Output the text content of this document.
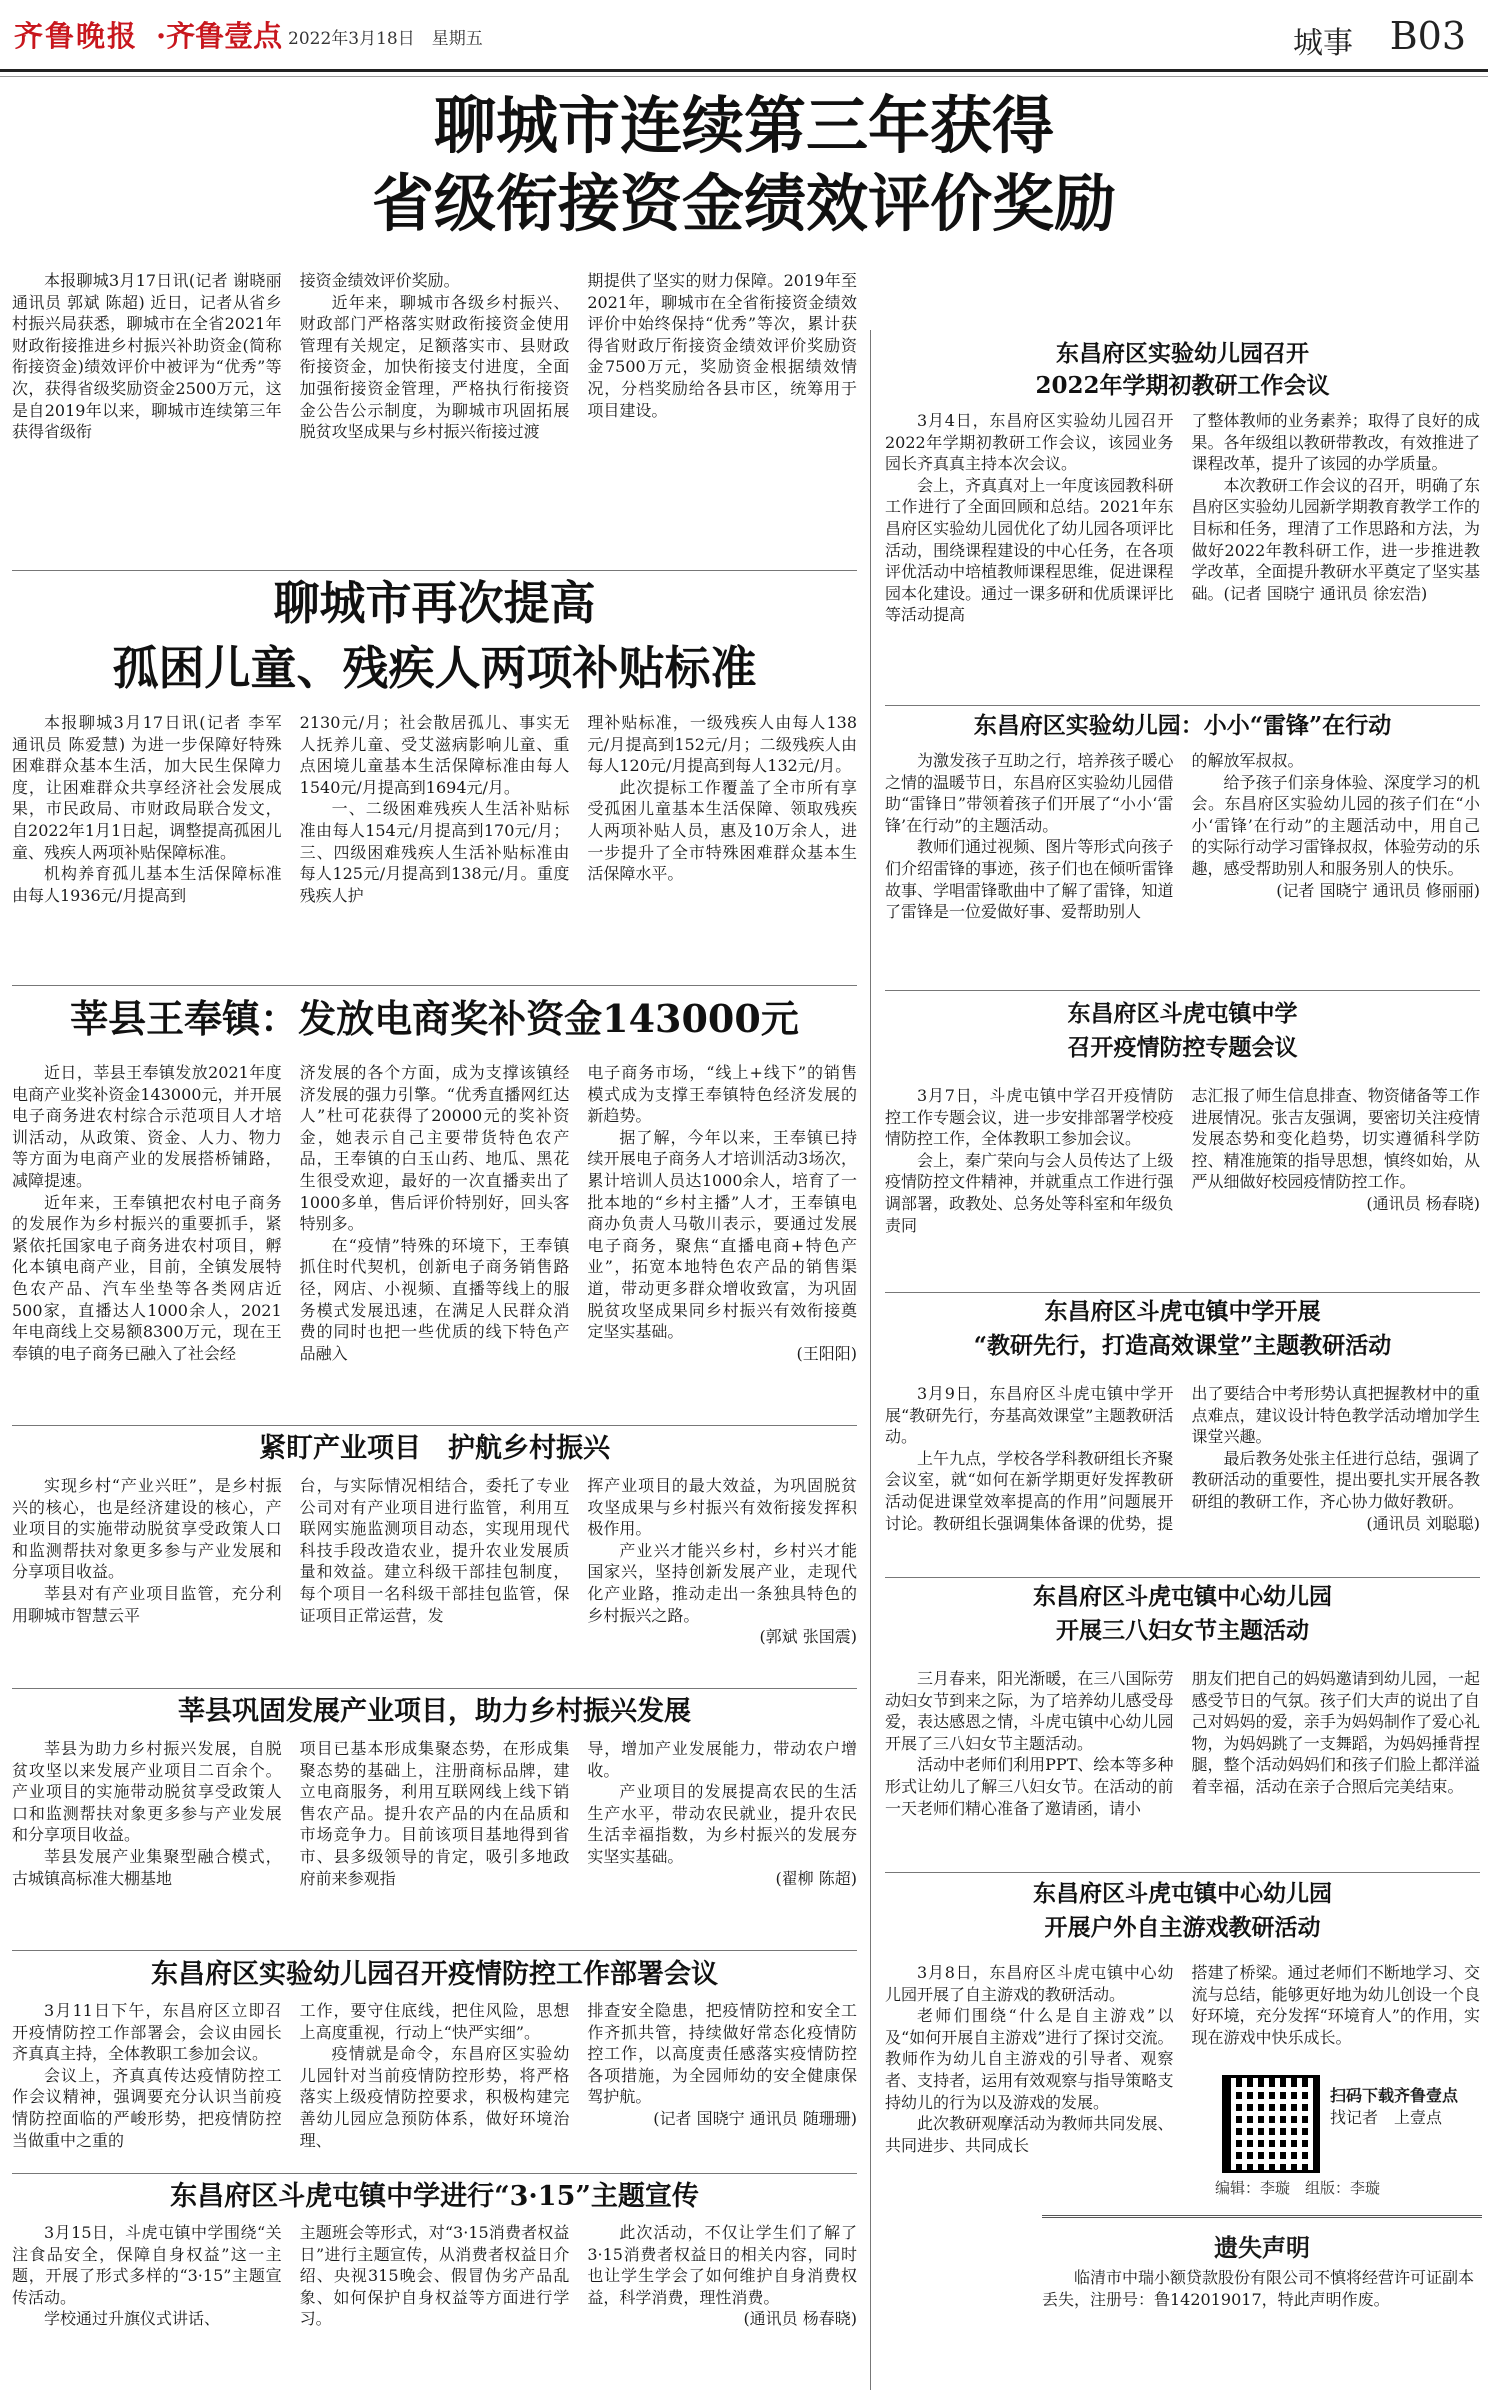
齐鲁晚报 ·齐鲁壹点 2022年3月18日　星期五	城事 B03
聊城市连续第三年获得
省级衔接资金绩效评价奖励

本报聊城3月17日讯(记者 谢晓丽 通讯员 郭斌 陈超) 近日，记者从省乡村振兴局获悉，聊城市在全省2021年财政衔接推进乡村振兴补助资金(简称衔接资金)绩效评价中被评为“优秀”等次，获得省级奖励资金2500万元，这是自2019年以来，聊城市连续第三年获得省级衔

接资金绩效评价奖励。

近年来，聊城市各级乡村振兴、财政部门严格落实财政衔接资金使用管理有关规定，足额落实市、县财政衔接资金，加快衔接支付进度，全面加强衔接资金管理，严格执行衔接资金公告公示制度，为聊城市巩固拓展脱贫攻坚成果与乡村振兴衔接过渡

期提供了坚实的财力保障。2019年至2021年，聊城市在全省衔接资金绩效评价中始终保持“优秀”等次，累计获得省财政厅衔接资金绩效评价奖励资金7500万元，奖励资金根据绩效情况，分档奖励给各县市区，统筹用于项目建设。

聊城市再次提高
孤困儿童、残疾人两项补贴标准

本报聊城3月17日讯(记者 李军 通讯员 陈爱慧) 为进一步保障好特殊困难群众基本生活，加大民生保障力度，让困难群众共享经济社会发展成果，市民政局、市财政局联合发文，自2022年1月1日起，调整提高孤困儿童、残疾人两项补贴保障标准。

机构养育孤儿基本生活保障标准由每人1936元/月提高到

2130元/月；社会散居孤儿、事实无人抚养儿童、受艾滋病影响儿童、重点困境儿童基本生活保障标准由每人1540元/月提高到1694元/月。

一、二级困难残疾人生活补贴标准由每人154元/月提高到170元/月；三、四级困难残疾人生活补贴标准由每人125元/月提高到138元/月。重度残疾人护

理补贴标准，一级残疾人由每人138元/月提高到152元/月；二级残疾人由每人120元/月提高到每人132元/月。

此次提标工作覆盖了全市所有享受孤困儿童基本生活保障、领取残疾人两项补贴人员，惠及10万余人，进一步提升了全市特殊困难群众基本生活保障水平。

莘县王奉镇：发放电商奖补资金143000元

近日，莘县王奉镇发放2021年度电商产业奖补资金143000元，并开展电子商务进农村综合示范项目人才培训活动，从政策、资金、人力、物力等方面为电商产业的发展搭桥铺路，减障提速。

近年来，王奉镇把农村电子商务的发展作为乡村振兴的重要抓手，紧紧依托国家电子商务进农村项目，孵化本镇电商产业，目前，全镇发展特色农产品、汽车坐垫等各类网店近500家，直播达人1000余人，2021年电商线上交易额8300万元，现在王奉镇的电子商务已融入了社会经

济发展的各个方面，成为支撑该镇经济发展的强力引擎。“优秀直播网红达人”杜可花获得了20000元的奖补资金，她表示自己主要带货特色农产品，王奉镇的白玉山药、地瓜、黑花生很受欢迎，最好的一次直播卖出了1000多单，售后评价特别好，回头客特别多。

在“疫情”特殊的环境下，王奉镇抓住时代契机，创新电子商务销售路径，网店、小视频、直播等线上的服务模式发展迅速，在满足人民群众消费的同时也把一些优质的线下特色产品融入

电子商务市场，“线上+线下”的销售模式成为支撑王奉镇特色经济发展的新趋势。

据了解，今年以来，王奉镇已持续开展电子商务人才培训活动3场次，累计培训人员达1000余人，培育了一批本地的“乡村主播”人才，王奉镇电商办负责人马敬川表示，要通过发展电子商务，聚焦“直播电商+特色产业”，拓宽本地特色农产品的销售渠道，带动更多群众增收致富，为巩固脱贫攻坚成果同乡村振兴有效衔接奠定坚实基础。

(王阳阳)

紧盯产业项目　护航乡村振兴

实现乡村“产业兴旺”，是乡村振兴的核心，也是经济建设的核心，产业项目的实施带动脱贫享受政策人口和监测帮扶对象更多参与产业发展和分享项目收益。

莘县对有产业项目监管，充分利用聊城市智慧云平

台，与实际情况相结合，委托了专业公司对有产业项目进行监管，利用互联网实施监测项目动态，实现用现代科技手段改造农业，提升农业发展质量和效益。建立科级干部挂包制度，每个项目一名科级干部挂包监管，保证项目正常运营，发

挥产业项目的最大效益，为巩固脱贫攻坚成果与乡村振兴有效衔接发挥积极作用。

产业兴才能兴乡村，乡村兴才能国家兴，坚持创新发展产业，走现代化产业路，推动走出一条独具特色的乡村振兴之路。

(郭斌 张国震)

莘县巩固发展产业项目，助力乡村振兴发展

莘县为助力乡村振兴发展，自脱贫攻坚以来发展产业项目二百余个。产业项目的实施带动脱贫享受政策人口和监测帮扶对象更多参与产业发展和分享项目收益。

莘县发展产业集聚型融合模式，古城镇高标准大棚基地

项目已基本形成集聚态势，在形成集聚态势的基础上，注册商标品牌，建立电商服务，利用互联网线上线下销售农产品。提升农产品的内在品质和市场竞争力。目前该项目基地得到省市、县多级领导的肯定，吸引多地政府前来参观指

导，增加产业发展能力，带动农户增收。

产业项目的发展提高农民的生活生产水平，带动农民就业，提升农民生活幸福指数，为乡村振兴的发展夯实坚实基础。

(翟柳 陈超)

东昌府区实验幼儿园召开疫情防控工作部署会议

3月11日下午，东昌府区立即召开疫情防控工作部署会，会议由园长齐真真主持，全体教职工参加会议。

会议上，齐真真传达疫情防控工作会议精神，强调要充分认识当前疫情防控面临的严峻形势，把疫情防控当做重中之重的

工作，要守住底线，把住风险，思想上高度重视，行动上“快严实细”。

疫情就是命令，东昌府区实验幼儿园针对当前疫情防控形势，将严格落实上级疫情防控要求，积极构建完善幼儿园应急预防体系，做好环境治理、

排查安全隐患，把疫情防控和安全工作齐抓共管，持续做好常态化疫情防控工作，以高度责任感落实疫情防控各项措施，为全园师幼的安全健康保驾护航。

(记者 国晓宁 通讯员 随珊珊)

东昌府区斗虎屯镇中学进行“3·15”主题宣传

3月15日，斗虎屯镇中学围绕“关注食品安全，保障自身权益”这一主题，开展了形式多样的“3·15”主题宣传活动。

学校通过升旗仪式讲话、

主题班会等形式，对“3·15消费者权益日”进行主题宣传，从消费者权益日介绍、央视315晚会、假冒伪劣产品乱象、如何保护自身权益等方面进行学习。

此次活动，不仅让学生们了解了3·15消费者权益日的相关内容，同时也让学生学会了如何维护自身消费权益，科学消费，理性消费。

(通讯员 杨春晓)

东昌府区实验幼儿园召开
2022年学期初教研工作会议

3月4日，东昌府区实验幼儿园召开2022年学期初教研工作会议，该园业务园长齐真真主持本次会议。

会上，齐真真对上一年度该园教科研工作进行了全面回顾和总结。2021年东昌府区实验幼儿园优化了幼儿园各项评比活动，围绕课程建设的中心任务，在各项评优活动中培植教师课程思维，促进课程园本化建设。通过一课多研和优质课评比等活动提高

了整体教师的业务素养；取得了良好的成果。各年级组以教研带教改，有效推进了课程改革，提升了该园的办学质量。

本次教研工作会议的召开，明确了东昌府区实验幼儿园新学期教育教学工作的目标和任务，理清了工作思路和方法，为做好2022年教科研工作，进一步推进教学改革，全面提升教研水平奠定了坚实基础。(记者 国晓宁 通讯员 徐宏浩)

东昌府区实验幼儿园：小小“雷锋”在行动

为激发孩子互助之行，培养孩子暖心之情的温暖节日，东昌府区实验幼儿园借助“雷锋日”带领着孩子们开展了“小小‘雷锋’在行动”的主题活动。

教师们通过视频、图片等形式向孩子们介绍雷锋的事迹，孩子们也在倾听雷锋故事、学唱雷锋歌曲中了解了雷锋，知道了雷锋是一位爱做好事、爱帮助别人

的解放军叔叔。

给予孩子们亲身体验、深度学习的机会。东昌府区实验幼儿园的孩子们在“小小‘雷锋’在行动”的主题活动中，用自己的实际行动学习雷锋叔叔，体验劳动的乐趣，感受帮助别人和服务别人的快乐。

(记者 国晓宁 通讯员 修丽丽)

东昌府区斗虎屯镇中学
召开疫情防控专题会议

3月7日，斗虎屯镇中学召开疫情防控工作专题会议，进一步安排部署学校疫情防控工作，全体教职工参加会议。

会上，秦广荣向与会人员传达了上级疫情防控文件精神，并就重点工作进行强调部署，政教处、总务处等科室和年级负责同

志汇报了师生信息排查、物资储备等工作进展情况。张吉友强调，要密切关注疫情发展态势和变化趋势，切实遵循科学防控、精准施策的指导思想，慎终如始，从严从细做好校园疫情防控工作。

(通讯员 杨春晓)

东昌府区斗虎屯镇中学开展
“教研先行，打造高效课堂”主题教研活动

3月9日，东昌府区斗虎屯镇中学开展“教研先行，夯基高效课堂”主题教研活动。

上午九点，学校各学科教研组长齐聚会议室，就“如何在新学期更好发挥教研活动促进课堂效率提高的作用”问题展开讨论。教研组长强调集体备课的优势，提

出了要结合中考形势认真把握教材中的重点难点，建议设计特色教学活动增加学生课堂兴趣。

最后教务处张主任进行总结，强调了教研活动的重要性，提出要扎实开展各教研组的教研工作，齐心协力做好教研。

(通讯员 刘聪聪)

东昌府区斗虎屯镇中心幼儿园
开展三八妇女节主题活动

三月春来，阳光渐暖，在三八国际劳动妇女节到来之际，为了培养幼儿感受母爱，表达感恩之情，斗虎屯镇中心幼儿园开展了三八妇女节主题活动。

活动中老师们利用PPT、绘本等多种形式让幼儿了解三八妇女节。在活动的前一天老师们精心准备了邀请函，请小

朋友们把自己的妈妈邀请到幼儿园，一起感受节日的气氛。孩子们大声的说出了自己对妈妈的爱，亲手为妈妈制作了爱心礼物，为妈妈跳了一支舞蹈，为妈妈捶背捏腿，整个活动妈妈们和孩子们脸上都洋溢着幸福，活动在亲子合照后完美结束。

东昌府区斗虎屯镇中心幼儿园
开展户外自主游戏教研活动

3月8日，东昌府区斗虎屯镇中心幼儿园开展了自主游戏的教研活动。

老师们围绕“什么是自主游戏”以及“如何开展自主游戏”进行了探讨交流。教师作为幼儿自主游戏的引导者、观察者、支持者，运用有效观察与指导策略支持幼儿的行为以及游戏的发展。

此次教研观摩活动为教师共同发展、共同进步、共同成长

搭建了桥梁。通过老师们不断地学习、交流与总结，能够更好地为幼儿创设一个良好环境，充分发挥“环境育人”的作用，实现在游戏中快乐成长。

扫码下载齐鲁壹点
找记者　上壹点
编辑：李璇　组版：李璇
遗失声明
临清市中瑞小额贷款股份有限公司不慎将经营许可证副本丢失，注册号：鲁142019017，特此声明作废。
